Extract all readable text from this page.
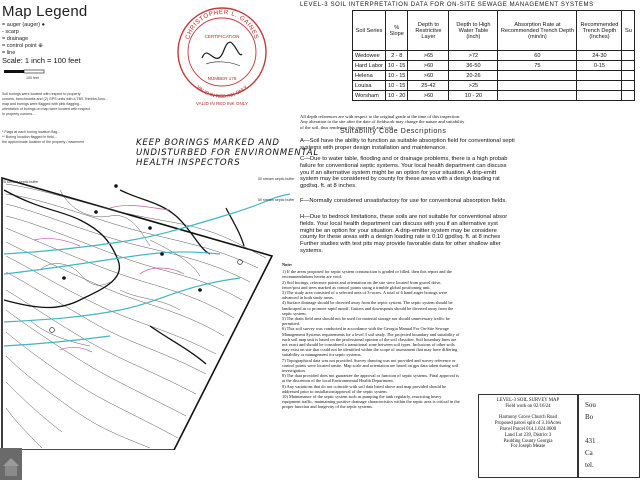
Map Legend
= auger (auger) ●
- scarp
= drainage
= control point ⊕
= line
Scale: 1 inch = 100 feet
100 feet
Soil borings were located with respect to property
corners, benchmarks and (2) GPS units with a TBS Trimble/Juno...
map and borings were flagged with pink flagging...
orientation of borings on map were located with respect
to property corners...
* Flags at each boring location flag...
** Boring location flagged in field...
the approximate location of the property / easement
CHRISTOPHER L. GAINES
VALID IN RED INK ONLY
CERTIFICATION
NUMBER 178
VALID IN RED INK ONLY
KEEP BORINGS MARKED AND
UNDISTURBED FOR ENVIRONMENTAL
HEALTH INSPECTORS
50 stream septic buffer
50 stream septic buffer
25 stream septic buffer
LEVEL-3 SOIL INTERPRETATION DATA FOR ON-SITE SEWAGE MANAGEMENT SYSTEMS
Soil Series	% Slope	Depth to Restrictive Layer	Depth to High Water Table (inch)	Absorption Rate at Recommended Trench Depth (min/in)	Recommended Trench Depth (Inches)	Su
Wedowee	2 - 8	>65	>72	60	24-30	
Hard Labor	10 - 15	>60	36-50	75	0-15	
Helena	10 - 15	>60	20-26			
Louisa	10 - 15	25-42	>25			
Worsham	10 - 20	>60	10 - 20			
All depth references are with respect to the original grade at the time of this inspection.
Any alteration to the site after the date of fieldwork may change the nature and suitability
of the soil, thus rendering this report null and void.
Suitability Code Descriptions
A—Soil have the ability to function as suitable absorption field for conventional septi
systems with proper design installation and maintenance.
C—Due to water table, flooding and or drainage problems, there is a high probab
failure for conventional septic systems. Your local health department can discuss
you if an alternative system might be an option for your situation. A drip-emitt
system may be considered by county for these areas with a design loading rat
gpd/sq. ft. at 8 inches.
F—Normally considered unsatisfactory for use for conventional absorption fields.
H—Due to bedrock limitations, these soils are not suitable for conventional absor
fields. Your local health department can discuss with you if an alternative syst
might be an option for your situation. A drip-emitter system may be considere
county for these areas with a design loading rate is 0.10 gpd/sq. ft. at 8 inches
Further studies with test pits may provide favorable data for other shallow alter
systems.
Note:
1) If the areas proposed for septic system construction is graded or filled, then this report and the recommendations herein are void.
2) Soil borings, reference points and orientation on the site were located from gravel drive, fence/post and trees marked as control points using a trimble global positioning unit.
3) The study area consisted of a selected area of 3+acres. A total of 6 hand auger borings were advanced in both study areas.
4) Surface drainage should be diverted away from the septic system. The septic system should be landscaped as to promote rapid runoff. Gutters and downspouts should be diverted away from the septic system.
5) The drain field area should not be used for material storage nor should unnecessary traffic be permitted.
6) This soil survey was conducted in accordance with the Georgia Manual For On-Site Sewage Management Systems requirements for a level 3 soil study. The projected boundary and suitability of each soil map unit is based on the professional opinion of the soil classifier. Soil boundary lines are not exact and should be considered a transitional zone between soil types. Inclusions of other soils may exist on site that could not be identified within the scope of assessment that may have differing suitability or management for septic systems.
7) Topographical data was not provided. Survey drawing was not provided and survey reference or control points were located onsite. Map scale and orientation are based on gps data taken during soil investigation.
8) The data provided does not guarantee the approval or function of septic systems. Final approval is at the discretion of the local Environmental Health Department.
9) Any variations that do not coincide with soil data listed above and map provided should be addressed prior to installation/approval of the septic system.
10) Maintenance of the septic system such as pumping the tank regularly, restricting heavy equipment traffic, maintaining positive drainage characteristics within the septic area is critical in the proper function and longevity of the septic systems.
LEVEL-3 SOIL SURVEY MAP
Field work on 02/16/24

Harmony Grove Church Road
Proposed parcel split of 3.16Acres
Parcel Parcel 014.1.024.0000
Land Lot 239, District 3
Paulding County Georgia
For Joseph Mease
Sou
Bo

431
Ca
tel.
